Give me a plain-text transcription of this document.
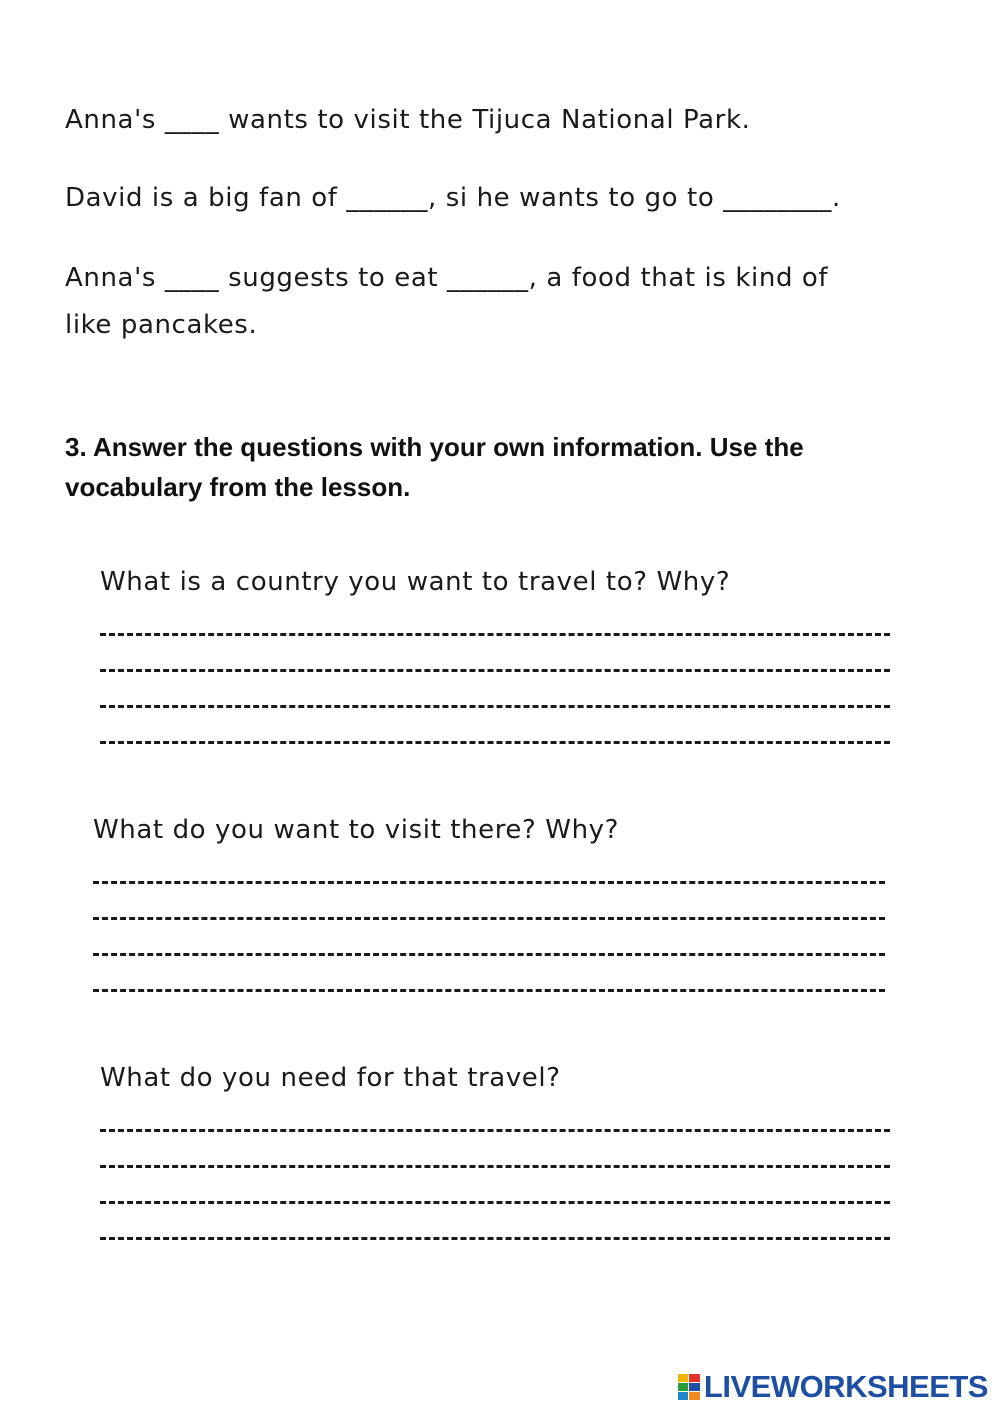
Anna's ____ wants to visit the Tijuca National Park.

David is a big fan of ______, si he wants to go to ________.

Anna's ____ suggests to eat ______, a food that is kind of

like pancakes.

3. Answer the questions with your own information. Use the vocabulary from the lesson.

What is a country you want to travel to? Why?
What do you want to visit there? Why?
What do you need for that travel?
LIVEWORKSHEETS
